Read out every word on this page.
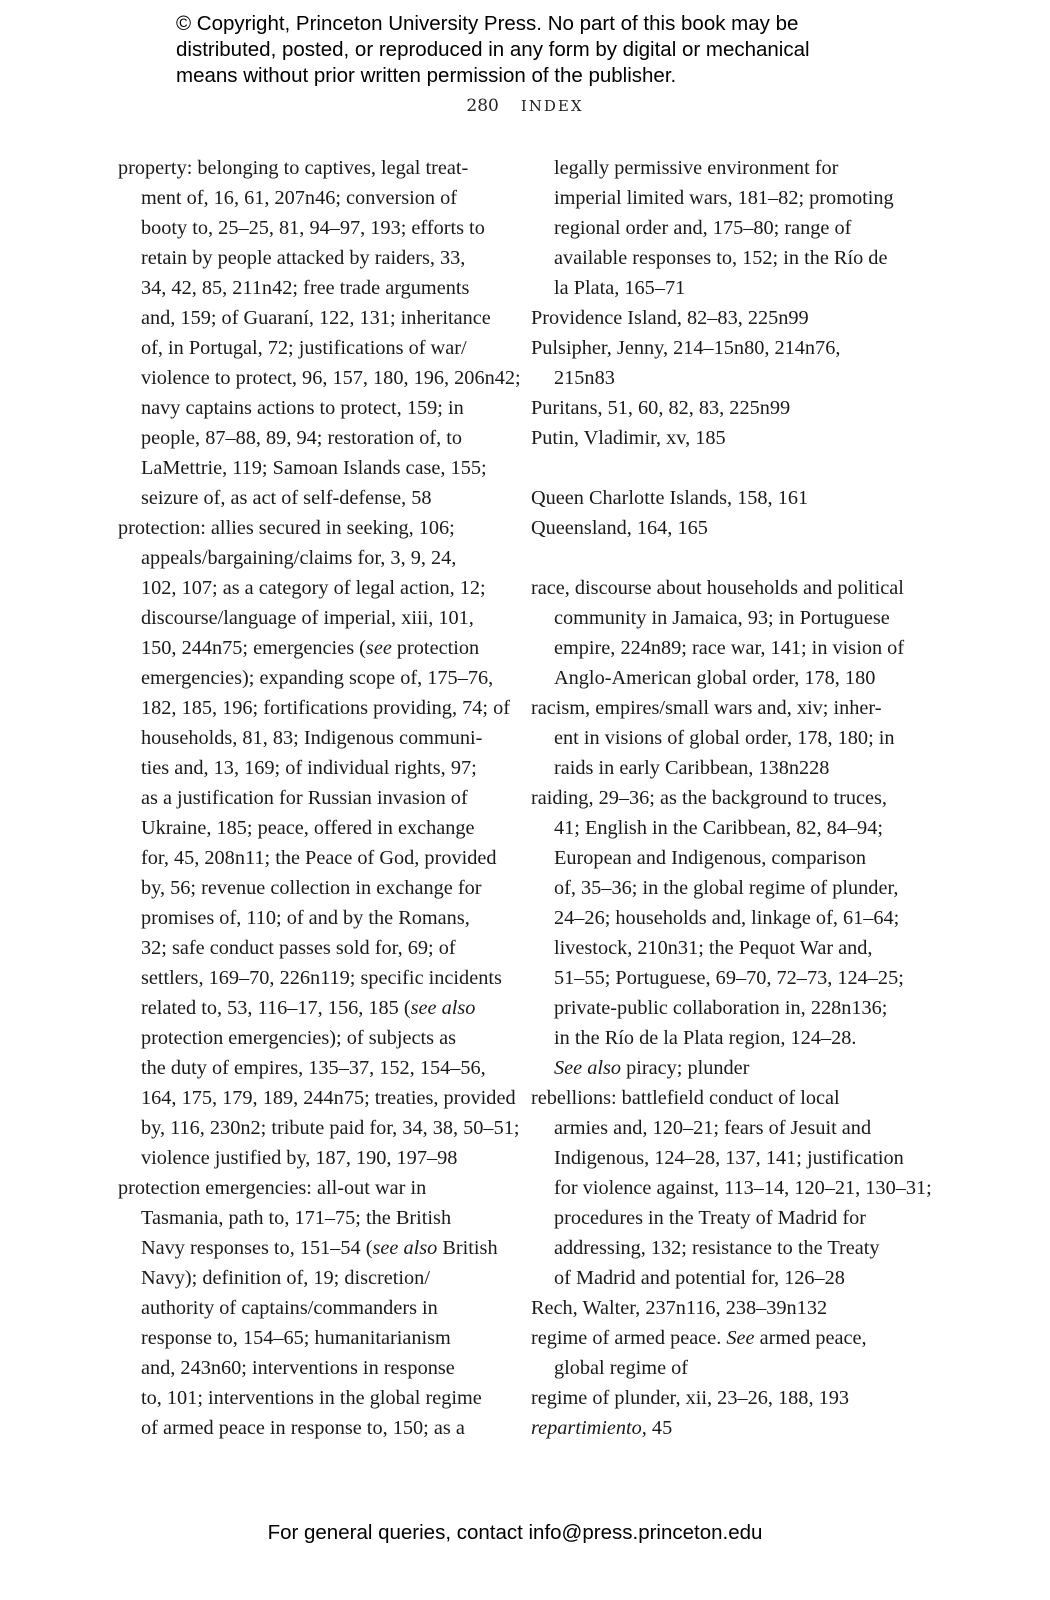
© Copyright, Princeton University Press. No part of this book may be
distributed, posted, or reproduced in any form by digital or mechanical
means without prior written permission of the publisher.
280 INDEX
property: belonging to captives, legal treat-
ment of, 16, 61, 207n46; conversion of
booty to, 25–25, 81, 94–97, 193; efforts to
retain by people attacked by raiders, 33,
34, 42, 85, 211n42; free trade arguments
and, 159; of Guaraní, 122, 131; inheritance
of, in Portugal, 72; justifications of war/
violence to protect, 96, 157, 180, 196, 206n42;
navy captains actions to protect, 159; in
people, 87–88, 89, 94; restoration of, to
LaMettrie, 119; Samoan Islands case, 155;
seizure of, as act of self-defense, 58
protection: allies secured in seeking, 106;
appeals/bargaining/claims for, 3, 9, 24,
102, 107; as a category of legal action, 12;
discourse/language of imperial, xiii, 101,
150, 244n75; emergencies (see protection
emergencies); expanding scope of, 175–76,
182, 185, 196; fortifications providing, 74; of
households, 81, 83; Indigenous communi-
ties and, 13, 169; of individual rights, 97;
as a justification for Russian invasion of
Ukraine, 185; peace, offered in exchange
for, 45, 208n11; the Peace of God, provided
by, 56; revenue collection in exchange for
promises of, 110; of and by the Romans,
32; safe conduct passes sold for, 69; of
settlers, 169–70, 226n119; specific incidents
related to, 53, 116–17, 156, 185 (see also
protection emergencies); of subjects as
the duty of empires, 135–37, 152, 154–56,
164, 175, 179, 189, 244n75; treaties, provided
by, 116, 230n2; tribute paid for, 34, 38, 50–51;
violence justified by, 187, 190, 197–98
protection emergencies: all-out war in
Tasmania, path to, 171–75; the British
Navy responses to, 151–54 (see also British
Navy); definition of, 19; discretion/
authority of captains/commanders in
response to, 154–65; humanitarianism
and, 243n60; interventions in response
to, 101; interventions in the global regime
of armed peace in response to, 150; as a
legally permissive environment for
imperial limited wars, 181–82; promoting
regional order and, 175–80; range of
available responses to, 152; in the Río de
la Plata, 165–71
Providence Island, 82–83, 225n99
Pulsipher, Jenny, 214–15n80, 214n76,
215n83
Puritans, 51, 60, 82, 83, 225n99
Putin, Vladimir, xv, 185
Queen Charlotte Islands, 158, 161
Queensland, 164, 165
race, discourse about households and political
community in Jamaica, 93; in Portuguese
empire, 224n89; race war, 141; in vision of
Anglo-American global order, 178, 180
racism, empires/small wars and, xiv; inher-
ent in visions of global order, 178, 180; in
raids in early Caribbean, 138n228
raiding, 29–36; as the background to truces,
41; English in the Caribbean, 82, 84–94;
European and Indigenous, comparison
of, 35–36; in the global regime of plunder,
24–26; households and, linkage of, 61–64;
livestock, 210n31; the Pequot War and,
51–55; Portuguese, 69–70, 72–73, 124–25;
private-public collaboration in, 228n136;
in the Río de la Plata region, 124–28.
See also piracy; plunder
rebellions: battlefield conduct of local
armies and, 120–21; fears of Jesuit and
Indigenous, 124–28, 137, 141; justification
for violence against, 113–14, 120–21, 130–31;
procedures in the Treaty of Madrid for
addressing, 132; resistance to the Treaty
of Madrid and potential for, 126–28
Rech, Walter, 237n116, 238–39n132
regime of armed peace. See armed peace,
global regime of
regime of plunder, xii, 23–26, 188, 193
repartimiento, 45
For general queries, contact info@press.princeton.edu
